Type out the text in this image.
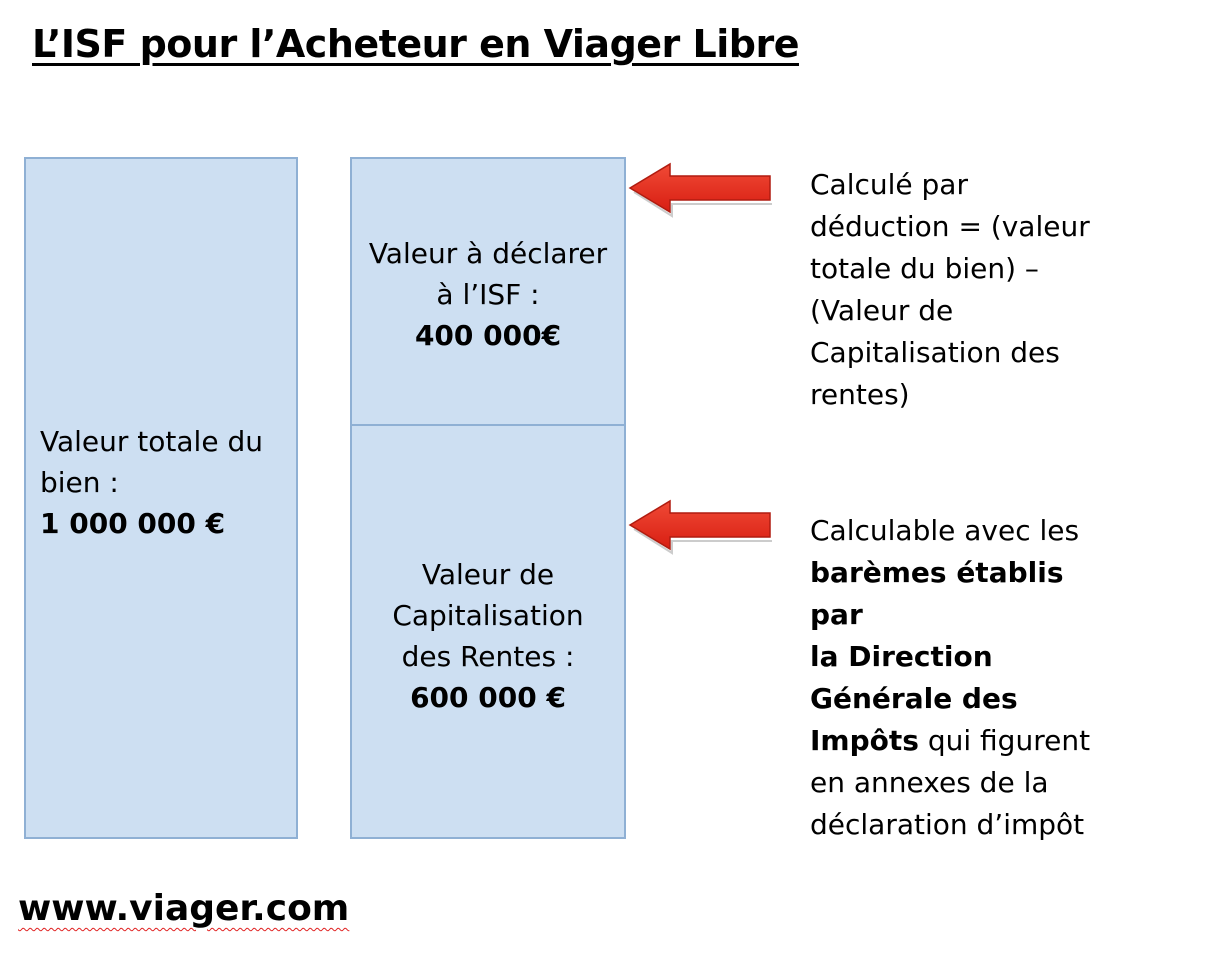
L’ISF pour l’Acheteur en Viager Libre
Valeur totale du
bien :
1 000 000 €
Valeur à déclarer
à l’ISF :
400 000€
Valeur de
Capitalisation
des Rentes :
600 000 €
Calculé par
déduction = (valeur
totale du bien) –
(Valeur de
Capitalisation des
rentes)
Calculable avec les
barèmes établis par
la Direction
Générale des
Impôts qui figurent
en annexes de la
déclaration d’impôt
www.viager.com
